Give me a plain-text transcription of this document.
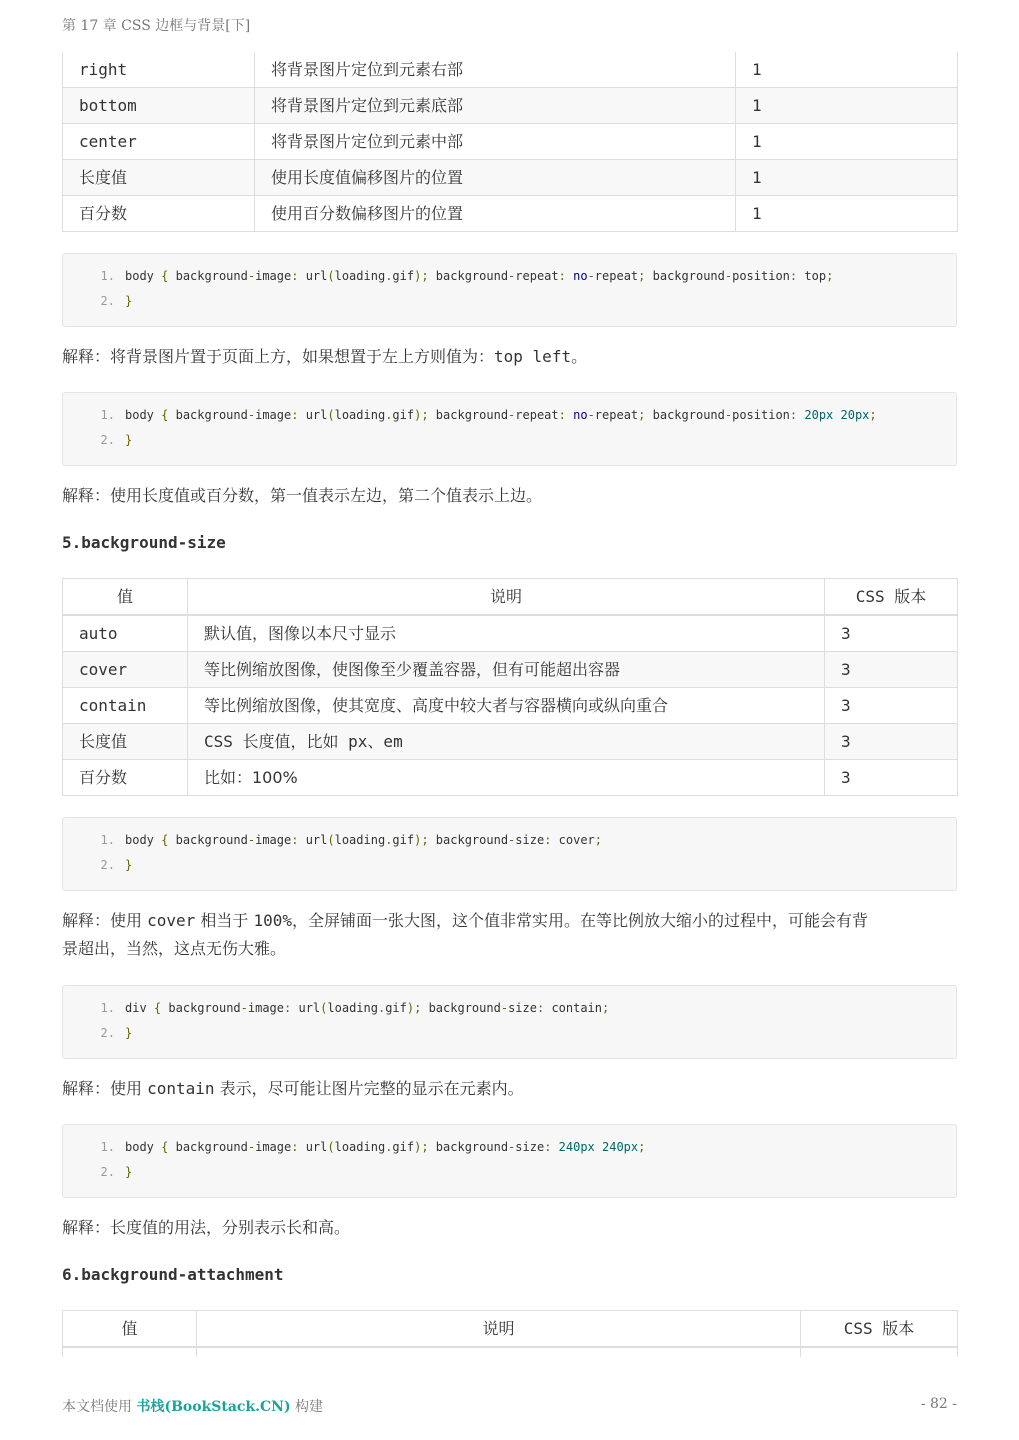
第 17 章 CSS 边框与背景[下]
right	将背景图片定位到元素右部	1
bottom	将背景图片定位到元素底部	1
center	将背景图片定位到元素中部	1
长度值	使用长度值偏移图片的位置	1
百分数	使用百分数偏移图片的位置	1
1. body { background-image: url(loading.gif); background-repeat: no-repeat; background-position: top;
2. }

解释：将背景图片置于页面上方，如果想置于左上方则值为：top left。

1. body { background-image: url(loading.gif); background-repeat: no-repeat; background-position: 20px 20px;
2. }

解释：使用长度值或百分数，第一值表示左边，第二个值表示上边。

5.background-size
值	说明	CSS 版本
auto	默认值，图像以本尺寸显示	3
cover	等比例缩放图像，使图像至少覆盖容器，但有可能超出容器	3
contain	等比例缩放图像，使其宽度、高度中较大者与容器横向或纵向重合	3
长度值	CSS 长度值，比如 px、em	3
百分数	比如：100%	3
1. body { background-image: url(loading.gif); background-size: cover;
2. }

解释：使用 cover 相当于 100%，全屏铺面一张大图，这个值非常实用。在等比例放大缩小的过程中，可能会有背
景超出，当然，这点无伤大雅。

1. div { background-image: url(loading.gif); background-size: contain;
2. }

解释：使用 contain 表示，尽可能让图片完整的显示在元素内。

1. body { background-image: url(loading.gif); background-size: 240px 240px;
2. }

解释：长度值的用法，分别表示长和高。

6.background-attachment
值	说明	CSS 版本

本文档使用 书栈(BookStack.CN) 构建	- 82 -
